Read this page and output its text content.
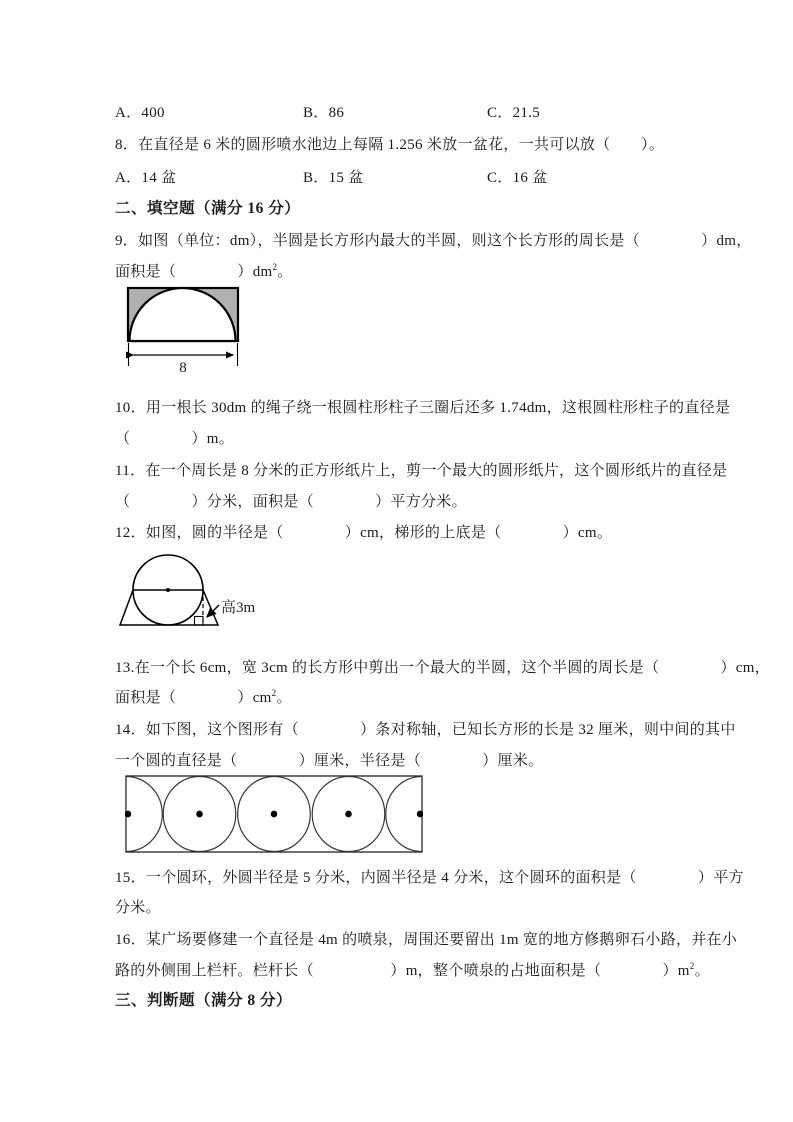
A．400	B．86	C．21.5
8．在直径是 6 米的圆形喷水池边上每隔 1.256 米放一盆花，一共可以放（　　）。
A．14 盆	B．15 盆	C．16 盆
二、填空题（满分 16 分）
9．如图（单位：dm），半圆是长方形内最大的半圆，则这个长方形的周长是（　　　　）dm，
面积是（　　　　）$dm^2$。
8
10．用一根长 30dm 的绳子绕一根圆柱形柱子三圈后还多 1.74dm，这根圆柱形柱子的直径是
（　　　　）m。
11．在一个周长是 8 分米的正方形纸片上，剪一个最大的圆形纸片，这个圆形纸片的直径是
（　　　　）分米，面积是（　　　　）平方分米。
12．如图，圆的半径是（　　　　）cm，梯形的上底是（　　　　）cm。
高3m
13.在一个长 6cm，宽 3cm 的长方形中剪出一个最大的半圆，这个半圆的周长是（　　　　）cm，
面积是（　　　　）$cm^2$。
14．如下图，这个图形有（　　　　）条对称轴，已知长方形的长是 32 厘米，则中间的其中
一个圆的直径是（　　　　）厘米，半径是（　　　　）厘米。
15．一个圆环，外圆半径是 5 分米，内圆半径是 4 分米，这个圆环的面积是（　　　　）平方
分米。
16．某广场要修建一个直径是 4m 的喷泉，周围还要留出 1m 宽的地方修鹅卵石小路，并在小
路的外侧围上栏杆。栏杆长（　　　　　）m，整个喷泉的占地面积是（　　　　）$m^2$。
三、判断题（满分 8 分）
